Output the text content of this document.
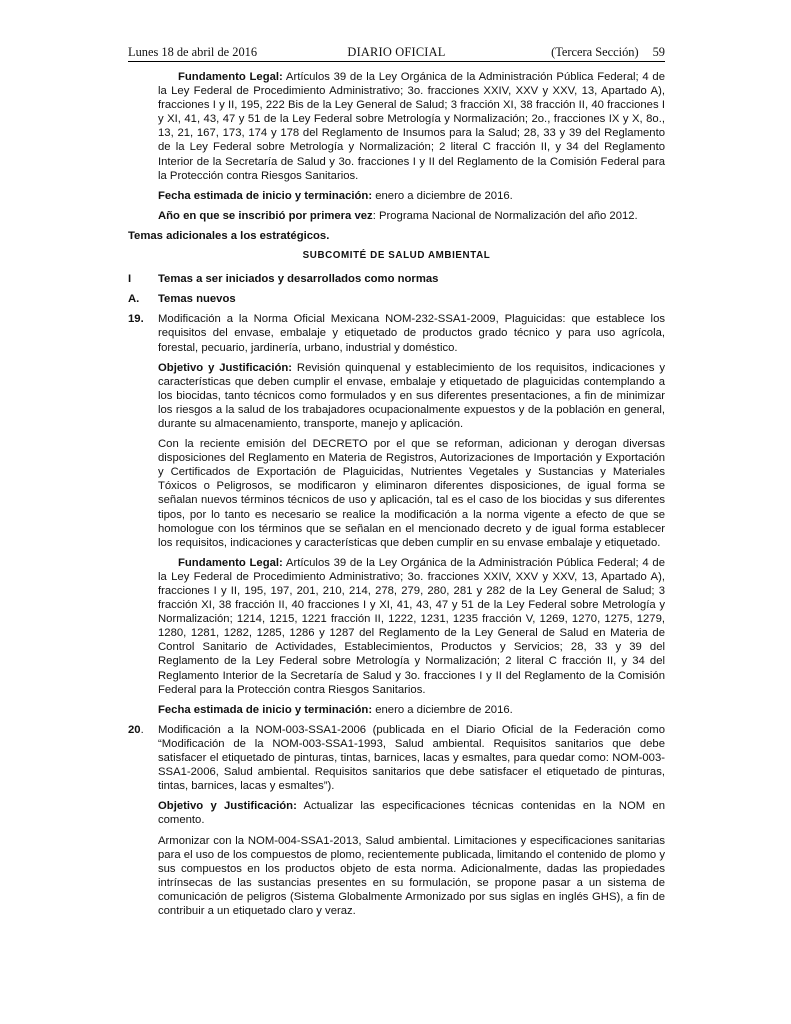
Lunes 18 de abril de 2016	DIARIO OFICIAL	(Tercera Sección) 59

Fundamento Legal: Artículos 39 de la Ley Orgánica de la Administración Pública Federal; 4 de la Ley Federal de Procedimiento Administrativo; 3o. fracciones XXIV, XXV y XXV, 13, Apartado A), fracciones I y II, 195, 222 Bis de la Ley General de Salud; 3 fracción XI, 38 fracción II, 40 fracciones I y XI, 41, 43, 47 y 51 de la Ley Federal sobre Metrología y Normalización; 2o., fracciones IX y X, 8o., 13, 21, 167, 173, 174 y 178 del Reglamento de Insumos para la Salud; 28, 33 y 39 del Reglamento de la Ley Federal sobre Metrología y Normalización; 2 literal C fracción II, y 34 del Reglamento Interior de la Secretaría de Salud y 3o. fracciones I y II del Reglamento de la Comisión Federal para la Protección contra Riesgos Sanitarios.

Fecha estimada de inicio y terminación: enero a diciembre de 2016.

Año en que se inscribió por primera vez: Programa Nacional de Normalización del año 2012.

Temas adicionales a los estratégicos.

SUBCOMITÉ DE SALUD AMBIENTAL

I	Temas a ser iniciados y desarrollados como normas
A.	Temas nuevos
19.	Modificación a la Norma Oficial Mexicana NOM-232-SSA1-2009, Plaguicidas: que establece los requisitos del envase, embalaje y etiquetado de productos grado técnico y para uso agrícola, forestal, pecuario, jardinería, urbano, industrial y doméstico.

Objetivo y Justificación: Revisión quinquenal y establecimiento de los requisitos, indicaciones y características que deben cumplir el envase, embalaje y etiquetado de plaguicidas contemplando a los biocidas, tanto técnicos como formulados y en sus diferentes presentaciones, a fin de minimizar los riesgos a la salud de los trabajadores ocupacionalmente expuestos y de la población en general, durante su almacenamiento, transporte, manejo y aplicación.

Con la reciente emisión del DECRETO por el que se reforman, adicionan y derogan diversas disposiciones del Reglamento en Materia de Registros, Autorizaciones de Importación y Exportación y Certificados de Exportación de Plaguicidas, Nutrientes Vegetales y Sustancias y Materiales Tóxicos o Peligrosos, se modificaron y eliminaron diferentes disposiciones, de igual forma se señalan nuevos términos técnicos de uso y aplicación, tal es el caso de los biocidas y sus diferentes tipos, por lo tanto es necesario se realice la modificación a la norma vigente a efecto de que se homologue con los términos que se señalan en el mencionado decreto y de igual forma establecer los requisitos, indicaciones y características que deben cumplir en su envase embalaje y etiquetado.

Fundamento Legal: Artículos 39 de la Ley Orgánica de la Administración Pública Federal; 4 de la Ley Federal de Procedimiento Administrativo; 3o. fracciones XXIV, XXV y XXV, 13, Apartado A), fracciones I y II, 195, 197, 201, 210, 214, 278, 279, 280, 281 y 282 de la Ley General de Salud; 3 fracción XI, 38 fracción II, 40 fracciones I y XI, 41, 43, 47 y 51 de la Ley Federal sobre Metrología y Normalización; 1214, 1215, 1221 fracción II, 1222, 1231, 1235 fracción V, 1269, 1270, 1275, 1279, 1280, 1281, 1282, 1285, 1286 y 1287 del Reglamento de la Ley General de Salud en Materia de Control Sanitario de Actividades, Establecimientos, Productos y Servicios; 28, 33 y 39 del Reglamento de la Ley Federal sobre Metrología y Normalización; 2 literal C fracción II, y 34 del Reglamento Interior de la Secretaría de Salud y 3o. fracciones I y II del Reglamento de la Comisión Federal para la Protección contra Riesgos Sanitarios.

Fecha estimada de inicio y terminación: enero a diciembre de 2016.

20.	Modificación a la NOM-003-SSA1-2006 (publicada en el Diario Oficial de la Federación como “Modificación de la NOM-003-SSA1-1993, Salud ambiental. Requisitos sanitarios que debe satisfacer el etiquetado de pinturas, tintas, barnices, lacas y esmaltes, para quedar como: NOM-003-SSA1-2006, Salud ambiental. Requisitos sanitarios que debe satisfacer el etiquetado de pinturas, tintas, barnices, lacas y esmaltes”).

Objetivo y Justificación: Actualizar las especificaciones técnicas contenidas en la NOM en comento.

Armonizar con la NOM-004-SSA1-2013, Salud ambiental. Limitaciones y especificaciones sanitarias para el uso de los compuestos de plomo, recientemente publicada, limitando el contenido de plomo y sus compuestos en los productos objeto de esta norma. Adicionalmente, dadas las propiedades intrínsecas de las sustancias presentes en su formulación, se propone pasar a un sistema de comunicación de peligros (Sistema Globalmente Armonizado por sus siglas en inglés GHS), a fin de contribuir a un etiquetado claro y veraz.
